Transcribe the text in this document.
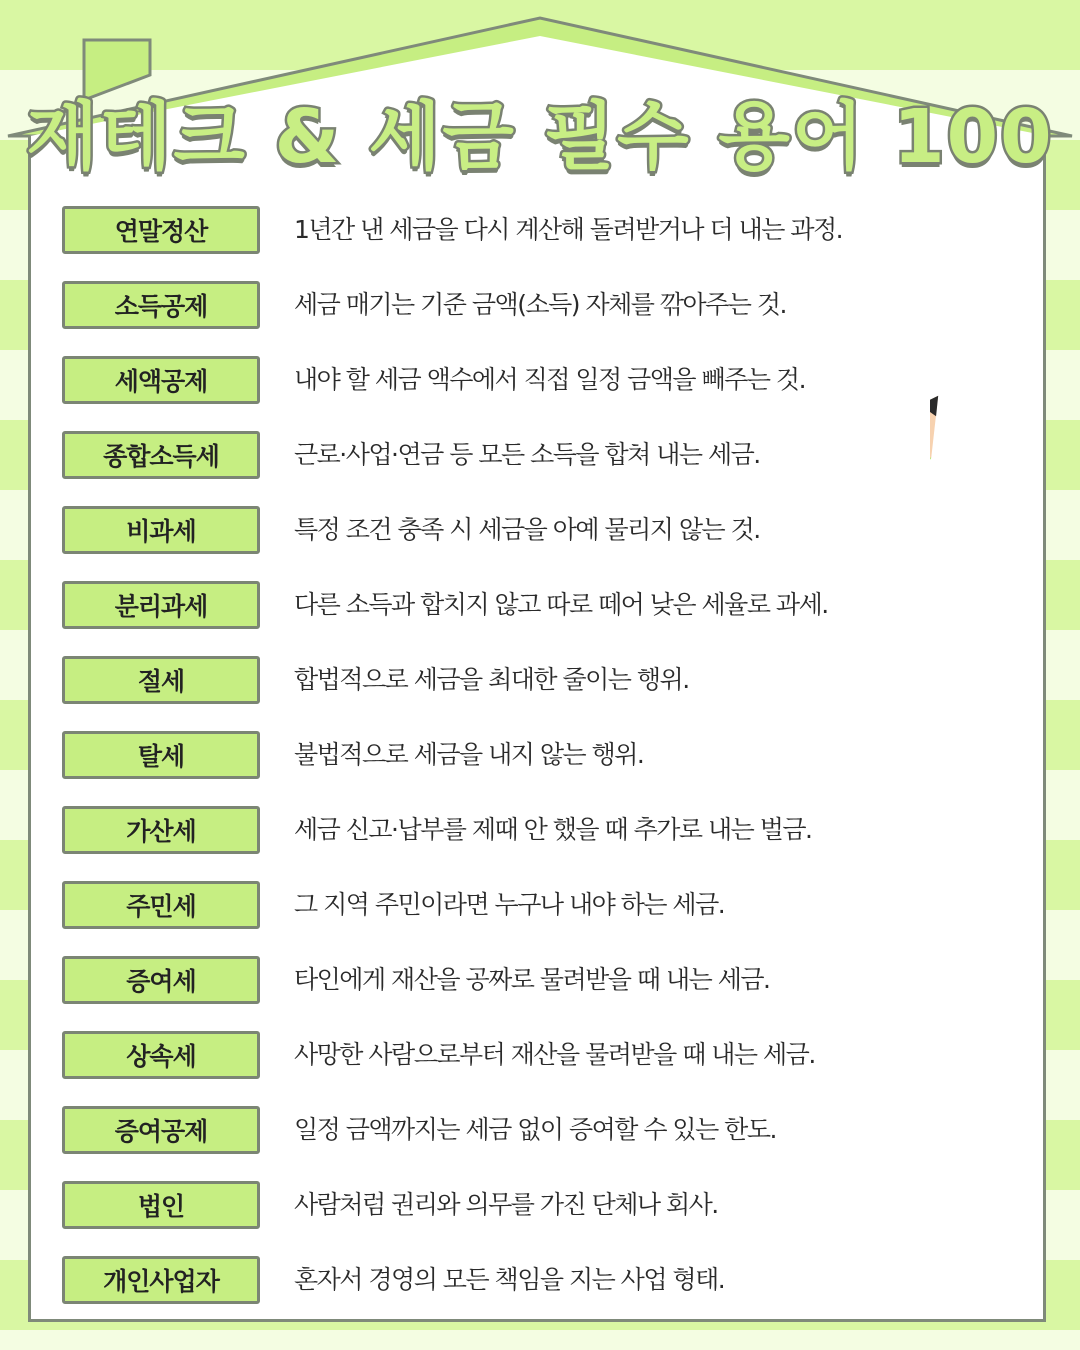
재테크 & 세금 필수 용어 100
연말정산	1년간 낸 세금을 다시 계산해 돌려받거나 더 내는 과정.
소득공제	세금 매기는 기준 금액(소득) 자체를 깎아주는 것.
세액공제	내야 할 세금 액수에서 직접 일정 금액을 빼주는 것.
종합소득세	근로·사업·연금 등 모든 소득을 합쳐 내는 세금.
비과세	특정 조건 충족 시 세금을 아예 물리지 않는 것.
분리과세	다른 소득과 합치지 않고 따로 떼어 낮은 세율로 과세.
절세	합법적으로 세금을 최대한 줄이는 행위.
탈세	불법적으로 세금을 내지 않는 행위.
가산세	세금 신고·납부를 제때 안 했을 때 추가로 내는 벌금.
주민세	그 지역 주민이라면 누구나 내야 하는 세금.
증여세	타인에게 재산을 공짜로 물려받을 때 내는 세금.
상속세	사망한 사람으로부터 재산을 물려받을 때 내는 세금.
증여공제	일정 금액까지는 세금 없이 증여할 수 있는 한도.
법인	사람처럼 권리와 의무를 가진 단체나 회사.
개인사업자	혼자서 경영의 모든 책임을 지는 사업 형태.
